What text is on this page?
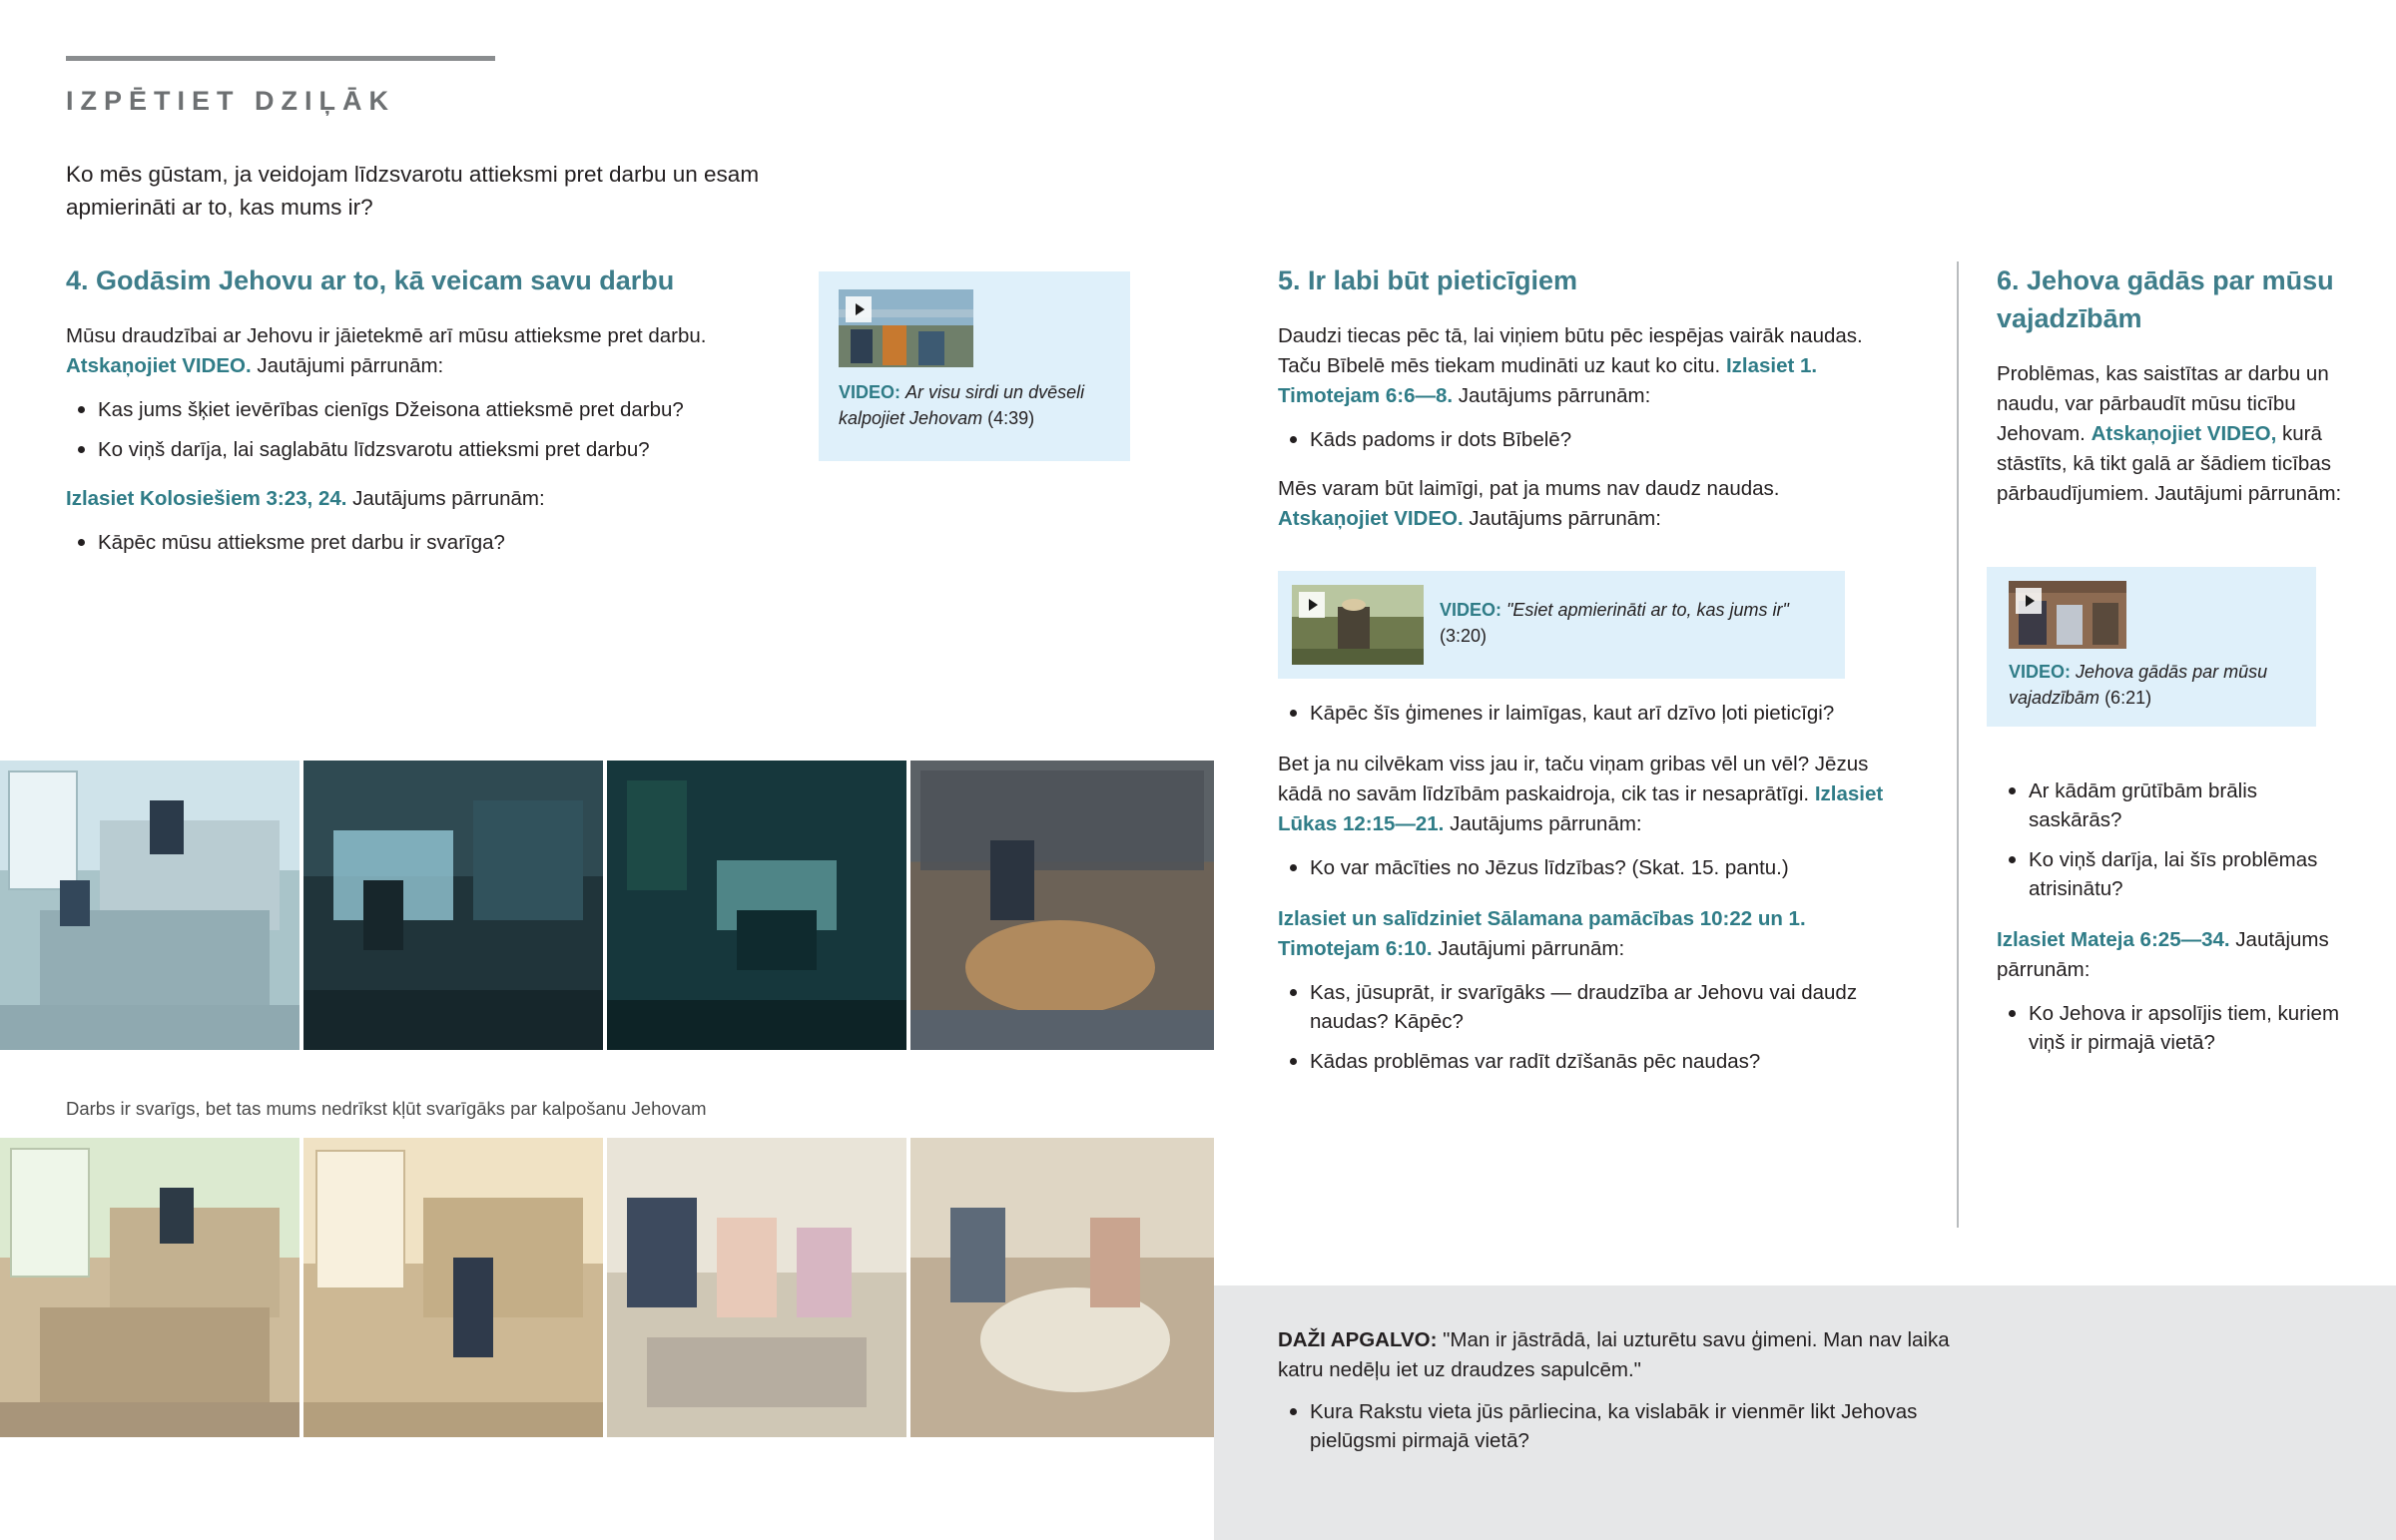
IZPĒTIET DZIĻĀK
Ko mēs gūstam, ja veidojam līdzsvarotu attieksmi pret darbu un esam apmierināti ar to, kas mums ir?
4. Godāsim Jehovu ar to, kā veicam savu darbu

Mūsu draudzībai ar Jehovu ir jāietekmē arī mūsu attieksme pret darbu. Atskaņojiet VIDEO. Jautājumi pārrunām:

Kas jums šķiet ievērības cienīgs Džeisona attieksmē pret darbu?
Ko viņš darīja, lai saglabātu līdzsvarotu attieksmi pret darbu?

Izlasiet Kolosiešiem 3:23, 24. Jautājums pārrunām:

Kāpēc mūsu attieksme pret darbu ir svarīga?
VIDEO: Ar visu sirdi un dvēseli kalpojiet Jehovam (4:39)
Darbs ir svarīgs, bet tas mums nedrīkst kļūt svarīgāks par kalpošanu Jehovam
5. Ir labi būt pieticīgiem

Daudzi tiecas pēc tā, lai viņiem būtu pēc iespējas vairāk naudas. Taču Bībelē mēs tiekam mudināti uz kaut ko citu. Izlasiet 1. Timotejam 6:6—8. Jautājums pārrunām:

Kāds padoms ir dots Bībelē?

Mēs varam būt laimīgi, pat ja mums nav daudz naudas. Atskaņojiet VIDEO. Jautājums pārrunām:

VIDEO: "Esiet apmierināti ar to, kas jums ir" (3:20)
Kāpēc šīs ģimenes ir laimīgas, kaut arī dzīvo ļoti pieticīgi?

Bet ja nu cilvēkam viss jau ir, taču viņam gribas vēl un vēl? Jēzus kādā no savām līdzībām paskaidroja, cik tas ir nesaprātīgi. Izlasiet Lūkas 12:15—21. Jautājums pārrunām:

Ko var mācīties no Jēzus līdzības? (Skat. 15. pantu.)

Izlasiet un salīdziniet Sālamana pamācības 10:22 un 1. Timotejam 6:10. Jautājumi pārrunām:

Kas, jūsuprāt, ir svarīgāks — draudzība ar Jehovu vai daudz naudas? Kāpēc?
Kādas problēmas var radīt dzīšanās pēc naudas?
6. Jehova gādās par mūsu vajadzībām

Problēmas, kas saistītas ar darbu un naudu, var pārbaudīt mūsu ticību Jehovam. Atskaņojiet VIDEO, kurā stāstīts, kā tikt galā ar šādiem ticības pārbaudījumiem. Jautājumi pārrunām:

VIDEO: Jehova gādās par mūsu vajadzībām (6:21)
Ar kādām grūtībām brālis saskārās?
Ko viņš darīja, lai šīs problēmas atrisinātu?

Izlasiet Mateja 6:25—34. Jautājums pārrunām:

Ko Jehova ir apsolījis tiem, kuriem viņš ir pirmajā vietā?
DAŽI APGALVO: "Man ir jāstrādā, lai uzturētu savu ģimeni. Man nav laika katru nedēļu iet uz draudzes sapulcēm."
Kura Rakstu vieta jūs pārliecina, ka vislabāk ir vienmēr likt Jehovas pielūgsmi pirmajā vietā?
